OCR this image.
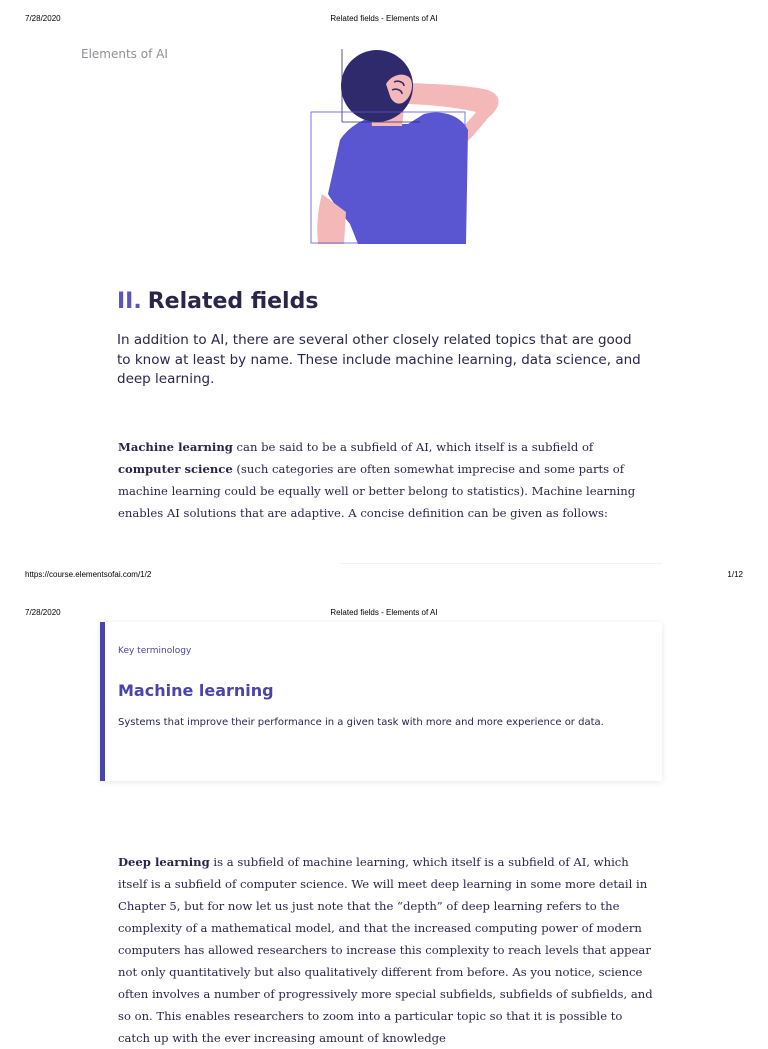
7/28/2020	Related fields - Elements of AI
Elements of AI
II. Related fields

In addition to AI, there are several other closely related topics that are good to know at least by name. These include machine learning, data science, and deep learning.

Machine learning can be said to be a subfield of AI, which itself is a subfield of computer science (such categories are often somewhat imprecise and some parts of machine learning could be equally well or better belong to statistics). Machine learning enables AI solutions that are adaptive. A concise definition can be given as follows:

https://course.elementsofai.com/1/2	1/12
7/28/2020	Related fields - Elements of AI
Key terminology
Machine learning
Systems that improve their performance in a given task with more and more experience or data.

Deep learning is a subfield of machine learning, which itself is a subfield of AI, which itself is a subfield of computer science. We will meet deep learning in some more detail in Chapter 5, but for now let us just note that the “depth” of deep learning refers to the complexity of a mathematical model, and that the increased computing power of modern computers has allowed researchers to increase this complexity to reach levels that appear not only quantitatively but also qualitatively different from before. As you notice, science often involves a number of progressively more special subfields, subfields of subfields, and so on. This enables researchers to zoom into a particular topic so that it is possible to catch up with the ever increasing amount of knowledge
